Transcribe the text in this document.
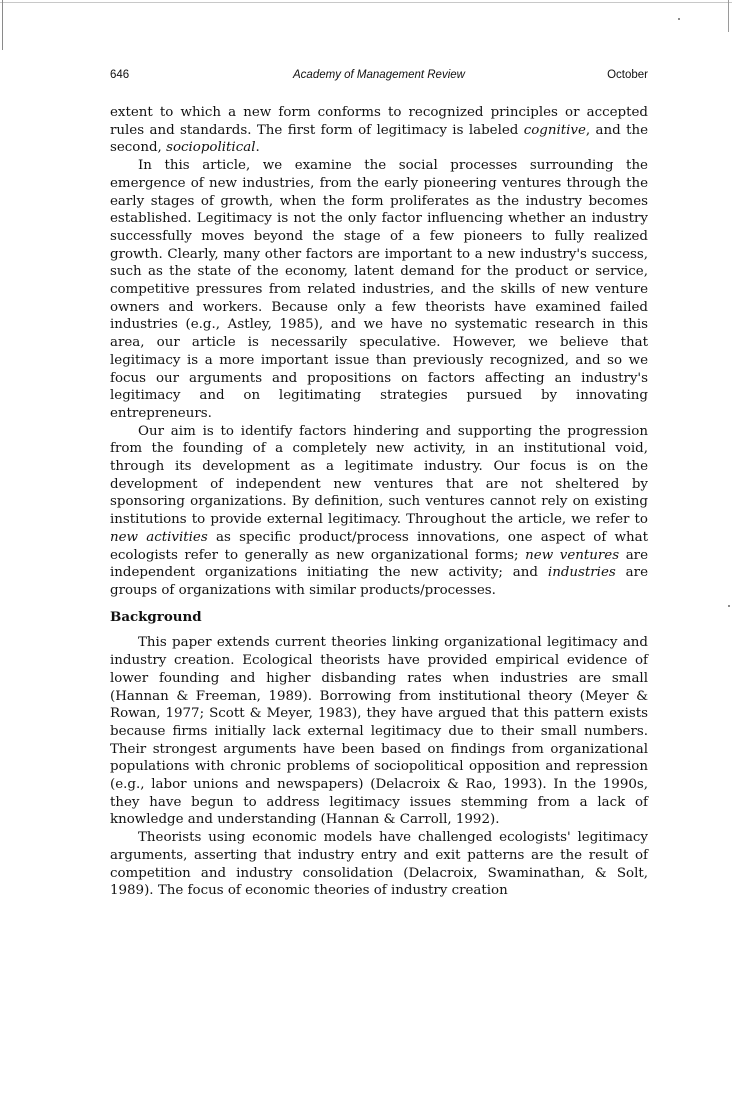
646	Academy of Management Review	October

extent to which a new form conforms to recognized principles or accepted rules and standards. The first form of legitimacy is labeled cognitive, and the second, sociopolitical.

In this article, we examine the social processes surrounding the emergence of new industries, from the early pioneering ventures through the early stages of growth, when the form proliferates as the industry becomes established. Legitimacy is not the only factor influencing whether an industry successfully moves beyond the stage of a few pioneers to fully realized growth. Clearly, many other factors are important to a new industry's success, such as the state of the economy, latent demand for the product or service, competitive pressures from related industries, and the skills of new venture owners and workers. Because only a few theorists have examined failed industries (e.g., Astley, 1985), and we have no systematic research in this area, our article is necessarily speculative. However, we believe that legitimacy is a more important issue than previously recognized, and so we focus our arguments and propositions on factors affecting an industry's legitimacy and on legitimating strategies pursued by innovating entrepreneurs.

Our aim is to identify factors hindering and supporting the progression from the founding of a completely new activity, in an institutional void, through its development as a legitimate industry. Our focus is on the development of independent new ventures that are not sheltered by sponsoring organizations. By definition, such ventures cannot rely on existing institutions to provide external legitimacy. Throughout the article, we refer to new activities as specific product/process innovations, one aspect of what ecologists refer to generally as new organizational forms; new ventures are independent organizations initiating the new activity; and industries are groups of organizations with similar products/processes.

Background

This paper extends current theories linking organizational legitimacy and industry creation. Ecological theorists have provided empirical evidence of lower founding and higher disbanding rates when industries are small (Hannan & Freeman, 1989). Borrowing from institutional theory (Meyer & Rowan, 1977; Scott & Meyer, 1983), they have argued that this pattern exists because firms initially lack external legitimacy due to their small numbers. Their strongest arguments have been based on findings from organizational populations with chronic problems of sociopolitical opposition and repression (e.g., labor unions and newspapers) (Delacroix & Rao, 1993). In the 1990s, they have begun to address legitimacy issues stemming from a lack of knowledge and understanding (Hannan & Carroll, 1992).

Theorists using economic models have challenged ecologists' legitimacy arguments, asserting that industry entry and exit patterns are the result of competition and industry consolidation (Delacroix, Swaminathan, & Solt, 1989). The focus of economic theories of industry creation
